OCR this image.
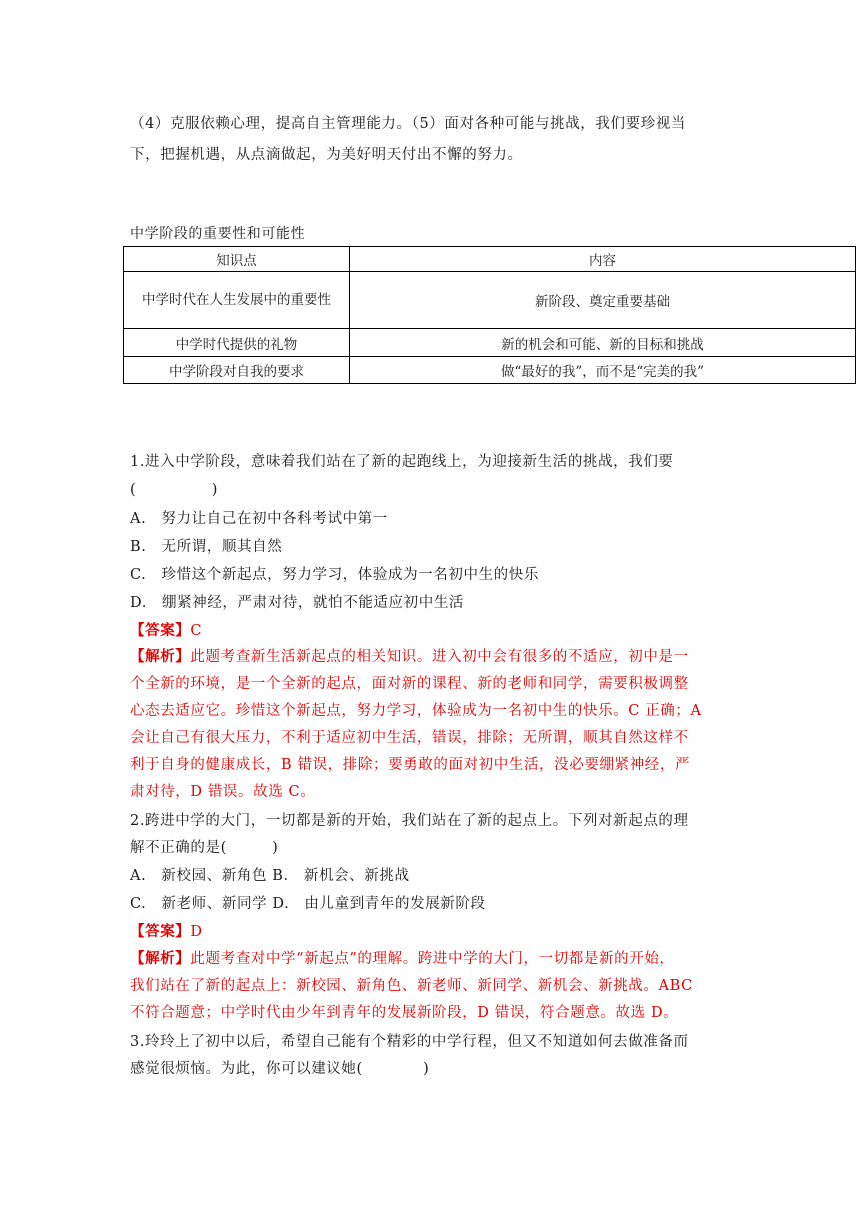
（4）克服依赖心理，提高自主管理能力。（5）面对各种可能与挑战，我们要珍视当
下，把握机遇，从点滴做起，为美好明天付出不懈的努力。
中学阶段的重要性和可能性
知识点	内容
中学时代在人生发展中的重要性	新阶段、奠定重要基础
中学时代提供的礼物	新的机会和可能、新的目标和挑战
中学阶段对自我的要求	做“最好的我”，而不是“完美的我”
1.进入中学阶段，意味着我们站在了新的起跑线上，为迎接新生活的挑战，我们要
(　　　　　)
A.　努力让自己在初中各科考试中第一
B.　无所谓，顺其自然
C.　珍惜这个新起点，努力学习，体验成为一名初中生的快乐
D.　绷紧神经，严肃对待，就怕不能适应初中生活
【答案】C
【解析】此题考查新生活新起点的相关知识。进入初中会有很多的不适应，初中是一
个全新的环境，是一个全新的起点，面对新的课程、新的老师和同学，需要积极调整
心态去适应它。珍惜这个新起点，努力学习，体验成为一名初中生的快乐。C 正确；A
会让自己有很大压力，不利于适应初中生活，错误，排除；无所谓，顺其自然这样不
利于自身的健康成长，B 错误，排除；要勇敢的面对初中生活，没必要绷紧神经，严
肃对待，D 错误。故选 C。
2.跨进中学的大门，一切都是新的开始，我们站在了新的起点上。下列对新起点的理
解不正确的是(　　　)
A.　新校园、新角色 B.　新机会、新挑战
C.　新老师、新同学 D.　由儿童到青年的发展新阶段
【答案】D
【解析】此题考查对中学“新起点”的理解。跨进中学的大门，一切都是新的开始，
我们站在了新的起点上：新校园、新角色、新老师、新同学、新机会、新挑战。ABC
不符合题意；中学时代由少年到青年的发展新阶段，D 错误，符合题意。故选 D。
3.玲玲上了初中以后，希望自己能有个精彩的中学行程，但又不知道如何去做准备而
感觉很烦恼。为此，你可以建议她(　　　　)
